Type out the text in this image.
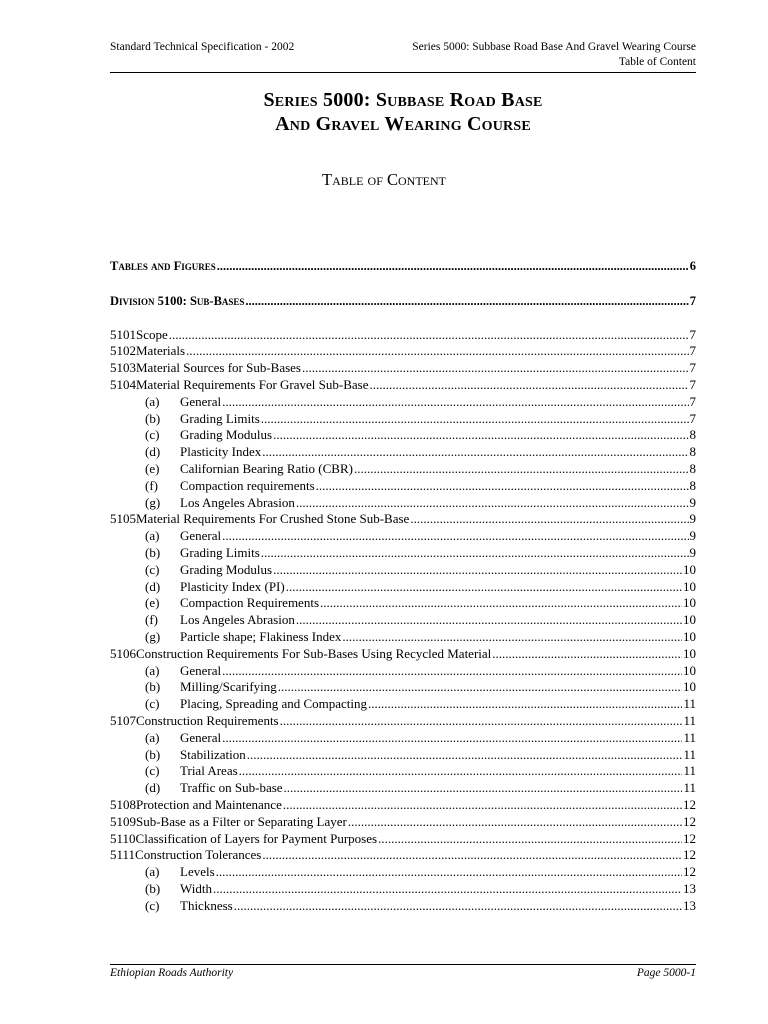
Standard Technical Specification - 2002	Series 5000: Subbase Road Base And Gravel Wearing Course
Table of Content
Series 5000: Subbase Road Base
And Gravel Wearing Course
Table of Content
Tables and Figures .....	6
Division 5100: Sub-Bases .....	7
5101 Scope .....	7
5102 Materials .....	7
5103 Material Sources for Sub-Bases .....	7
5104 Material Requirements For Gravel Sub-Base .....	7
(a)	General .....	7
(b)	Grading Limits .....	7
(c)	Grading Modulus .....	8
(d)	Plasticity Index .....	8
(e)	Californian Bearing Ratio (CBR) .....	8
(f)	Compaction requirements .....	8
(g)	Los Angeles Abrasion .....	9
5105 Material Requirements For Crushed Stone Sub-Base .....	9
(a)	General .....	9
(b)	Grading Limits .....	9
(c)	Grading Modulus .....	10
(d)	Plasticity Index (PI) .....	10
(e)	Compaction Requirements .....	10
(f)	Los Angeles Abrasion .....	10
(g)	Particle shape; Flakiness Index .....	10
5106 Construction Requirements For Sub-Bases Using Recycled Material .....	10
(a)	General .....	10
(b)	Milling/Scarifying .....	10
(c)	Placing, Spreading and Compacting .....	11
5107 Construction Requirements .....	11
(a)	General .....	11
(b)	Stabilization .....	11
(c)	Trial Areas .....	11
(d)	Traffic on Sub-base .....	11
5108 Protection and Maintenance .....	12
5109 Sub-Base as a Filter or Separating Layer .....	12
5110 Classification of Layers for Payment Purposes .....	12
5111 Construction Tolerances .....	12
(a)	Levels .....	12
(b)	Width .....	13
(c)	Thickness .....	13
Ethiopian Roads Authority	Page 5000-1
